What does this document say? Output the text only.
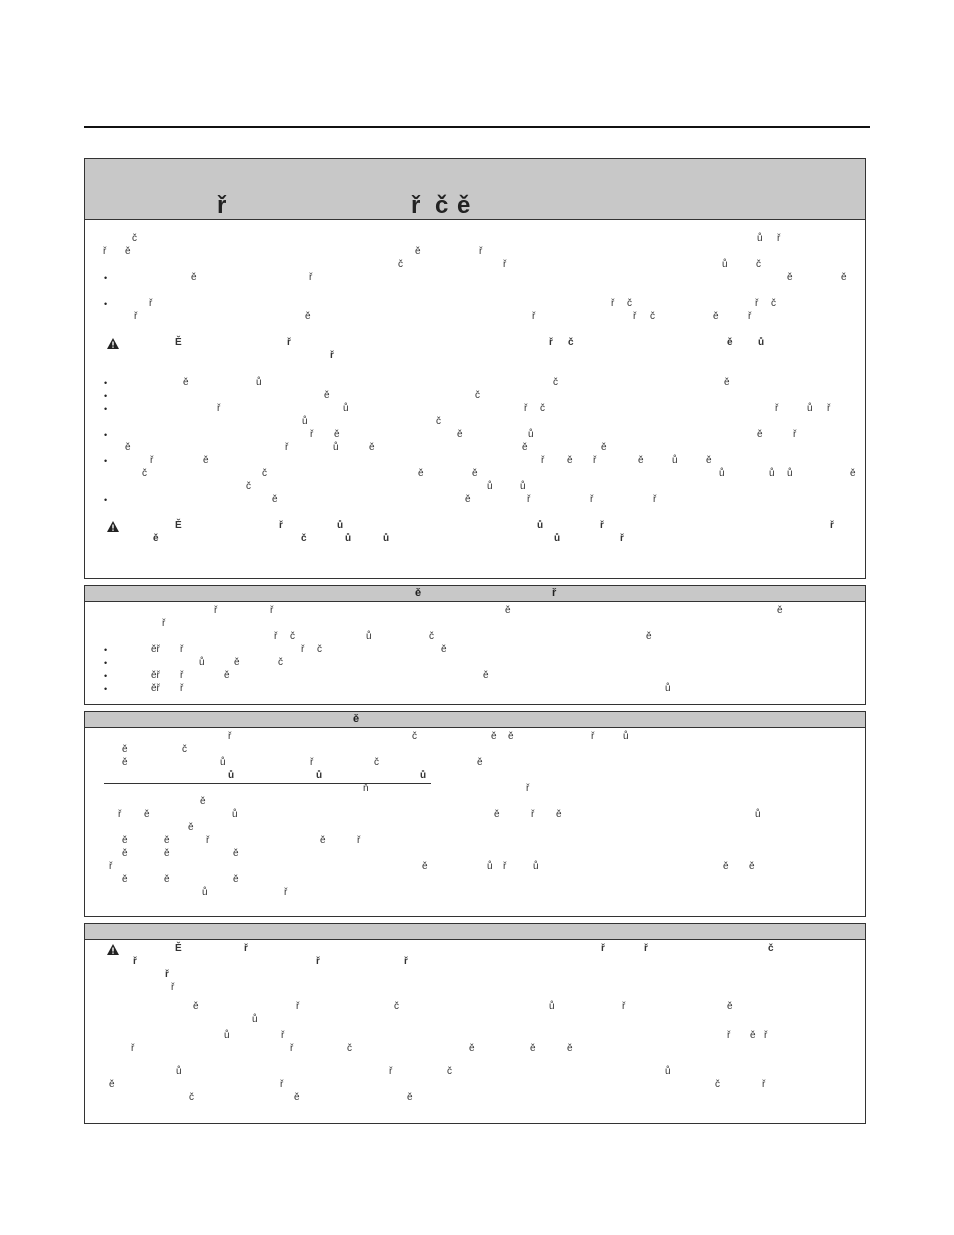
ř	ř č ě
č	ů ř
ř ě	ě	ř
č	ř	ů	č
•	ě	ř	ě	ě
•	ř	ř č	ř č
ř	ě	ř	ř č	ě	ř
Ě	ř	ř č	ě	ů
ř
•	ě	ů	č	ě
•	ě	č
•	ř	ů	ř č	ř	ů ř
ů	č
•	ř ě	ě	ů	ě	ř
ě	ř	ů	ě	ě	ě
•	ř	ě	ř ě ř	ě	ů	ě
č	č	ě	ě	ů	ů ů	ě
č	ů	ů
•	ě	ě	ř	ř	ř
Ě	ř	ů	ů	ř	ř
ě	č	ů	ů	ů	ř
ě	ř
ř	ř	ě	ě
ř
ř č	ů	č	ě
•	ěř ř	ř č	ě
•	ů	ě	č
•	ěř ř	ě	ě
•	ěř ř	ů
ě
ř	č	ě ě	ř	ů
ě	č
ě	ů	ř	č	ě
ů	ů	ů
ň	ř
ě
ř ě	ů	ě	ř ě	ů
ě
ě	ě	ř	ě	ř
ě	ě	ě
ř	ě	ů ř	ů	ě ě
ě	ě	ě
ů	ř
Ě	ř	ř	ř	č
ř	ř	ř
ř
ř
ě	ř	č	ů	ř	ě
ů
ů	ř	ř ě ř
ř	ř	č	ě	ě	ě
ů	ř	č	ů
ě	ř	č	ř
č	ě	ě
